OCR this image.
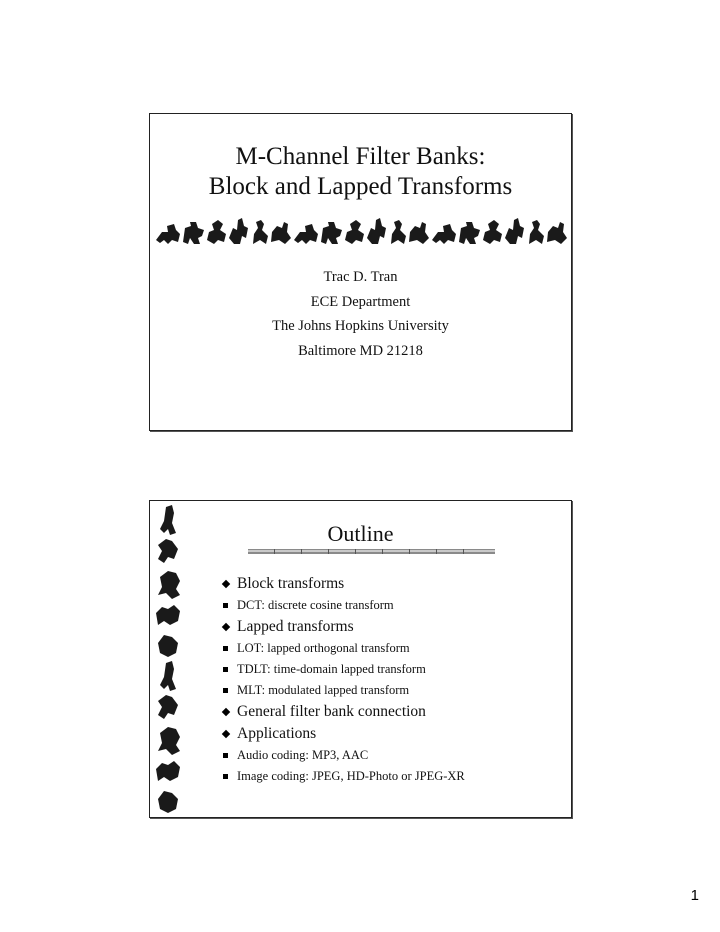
M-Channel Filter Banks:
Block and Lapped Transforms
Trac D. Tran
ECE Department
The Johns Hopkins University
Baltimore MD 21218
Outline
Block transforms
DCT: discrete cosine transform
Lapped transforms
LOT: lapped orthogonal transform
TDLT: time-domain lapped transform
MLT: modulated lapped transform
General filter bank connection
Applications
Audio coding: MP3, AAC
Image coding: JPEG, HD-Photo or JPEG-XR
1
